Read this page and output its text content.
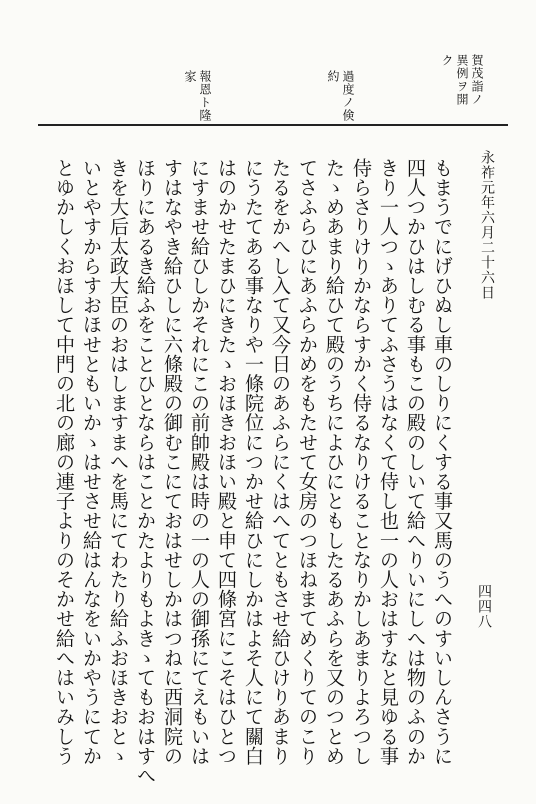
四四八
永祚元年六月二十六日
賀茂詣ノ
異例ヲ開
ク
過度ノ倹
約
報恩ト隆
家
もまうでにげひぬし車のしりにくする事又馬のうへのすいしんさうに
四人つかひはしむる事もこの殿のしいて給へりいにしへは物のふのか
きり一人つゝありてふさうはなくて侍し也一の人おはすなと見ゆる事
侍らさりけりかならすかく侍るなりけることなりかしあまりよろつし
たゝめあまり給ひて殿のうちによひにともしたるあふらを又のつとめ
てさふらひにあふらかめをもたせて女房のつほねまてめくりてのこり
たるをかへし入て又今日のあふらにくはへてともさせ給ひけりあまり
にうたてある事なりや一條院位につかせ給ひにしかはよそ人にて關白
はのかせたまひにきたゝおほきおほい殿と申て四條宮にこそはひとつ
にすませ給ひしかそれにこの前帥殿は時の一の人の御孫にてえもいは
すはなやき給ひしに六條殿の御むこにておはせしかはつねに西洞院の
ほりにあるき給ふをことひとならはことかたよりもよきゝてもおはすへ
きを大后太政大臣のおはしますまへを馬にてわたり給ふおほきおとゝ
いとやすからすおほせともいかゝはせさせ給はんなをいかやうにてか
とゆかしくおほして中門の北の廊の連子よりのそかせ給へはいみしう
